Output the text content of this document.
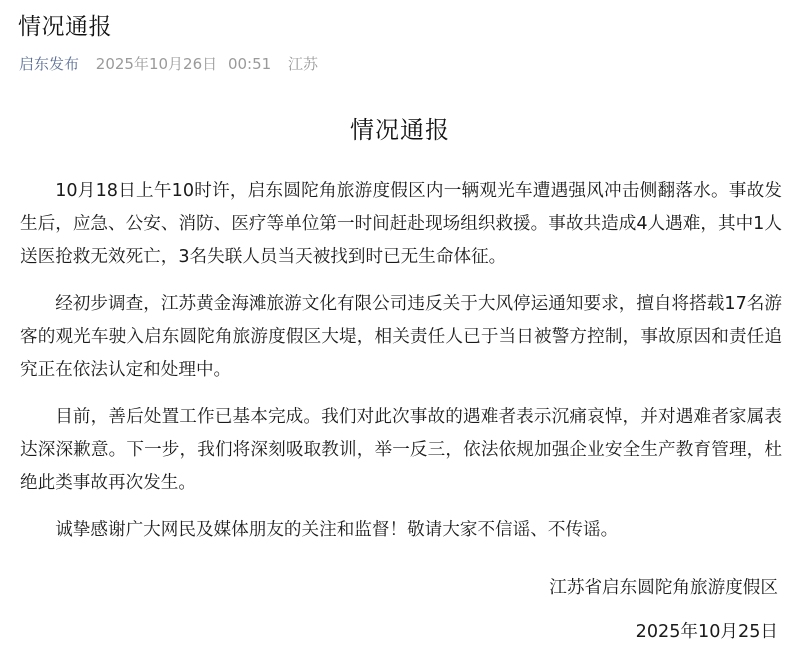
情况通报
启东发布 2025年10月26日 00:51 江苏
情况通报

10月18日上午10时许，启东圆陀角旅游度假区内一辆观光车遭遇强风冲击侧翻落水。事故发生后，应急、公安、消防、医疗等单位第一时间赶赴现场组织救援。事故共造成4人遇难，其中1人送医抢救无效死亡，3名失联人员当天被找到时已无生命体征。

经初步调查，江苏黄金海滩旅游文化有限公司违反关于大风停运通知要求，擅自将搭载17名游客的观光车驶入启东圆陀角旅游度假区大堤，相关责任人已于当日被警方控制，事故原因和责任追究正在依法认定和处理中。

目前，善后处置工作已基本完成。我们对此次事故的遇难者表示沉痛哀悼，并对遇难者家属表达深深歉意。下一步，我们将深刻吸取教训，举一反三，依法依规加强企业安全生产教育管理，杜绝此类事故再次发生。

诚挚感谢广大网民及媒体朋友的关注和监督！敬请大家不信谣、不传谣。

江苏省启东圆陀角旅游度假区
2025年10月25日
